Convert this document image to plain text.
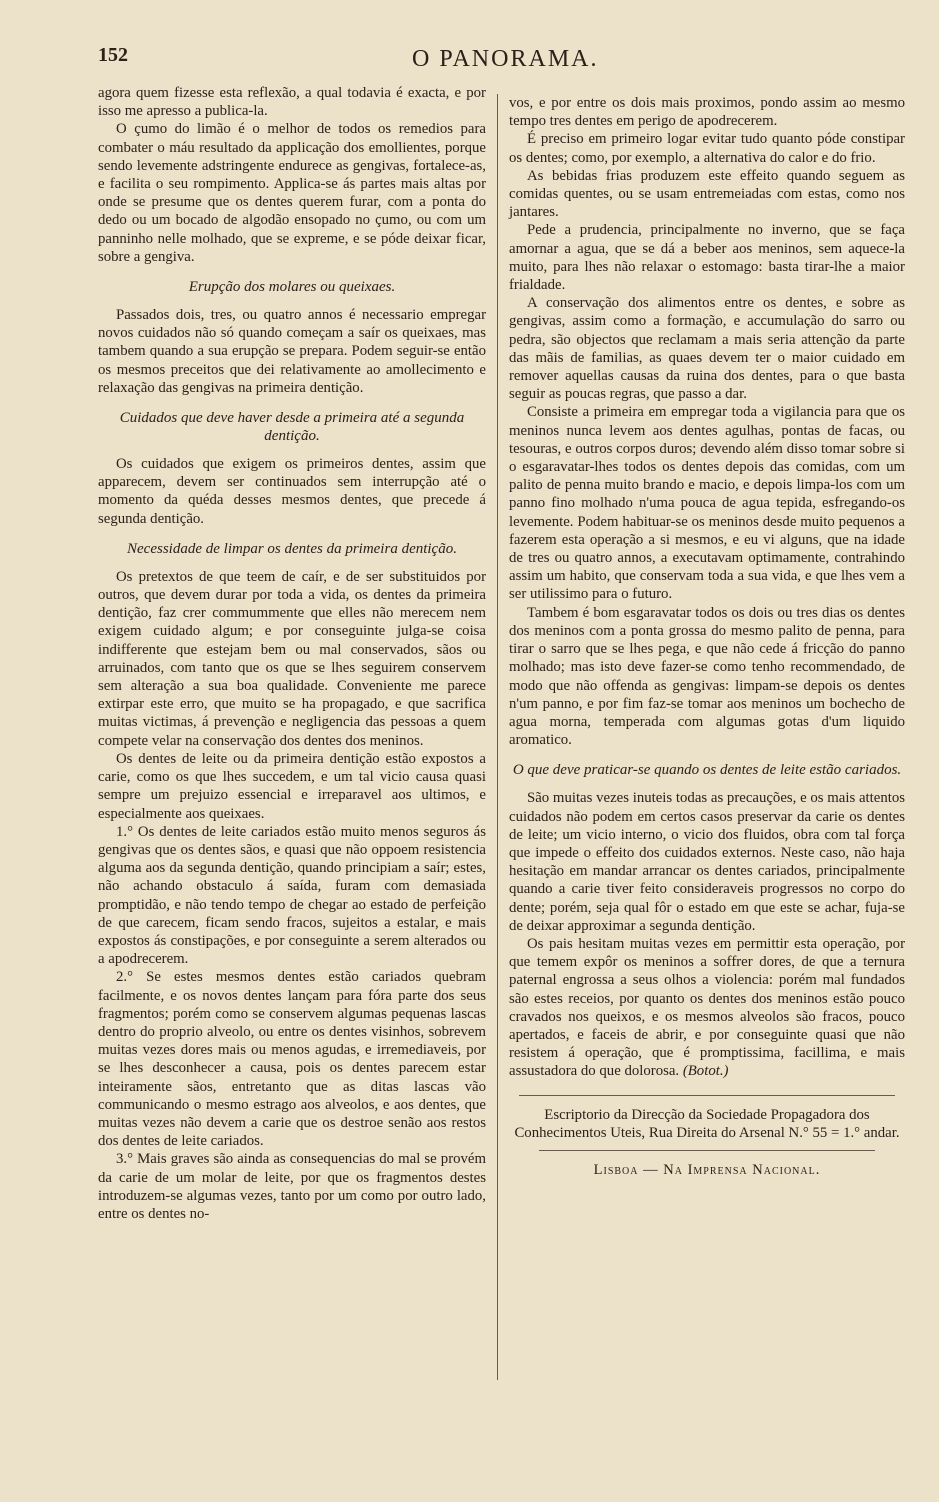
152	O PANORAMA.

agora quem fizesse esta reflexão, a qual todavia é exacta, e por isso me apresso a publica-la.

O çumo do limão é o melhor de todos os remedios para combater o máu resultado da applicação dos emollientes, porque sendo levemente adstringente endurece as gengivas, fortalece-as, e facilita o seu rompimento. Applica-se ás partes mais altas por onde se presume que os dentes querem furar, com a ponta do dedo ou um bocado de algodão ensopado no çumo, ou com um panninho nelle molhado, que se expreme, e se póde deixar ficar, sobre a gengiva.

Erupção dos molares ou queixaes.

Passados dois, tres, ou quatro annos é necessario empregar novos cuidados não só quando começam a saír os queixaes, mas tambem quando a sua erupção se prepara. Podem seguir-se então os mesmos preceitos que dei relativamente ao amollecimento e relaxação das gengivas na primeira dentição.

Cuidados que deve haver desde a primeira até a segunda dentição.

Os cuidados que exigem os primeiros dentes, assim que apparecem, devem ser continuados sem interrupção até o momento da quéda desses mesmos dentes, que precede á segunda dentição.

Necessidade de limpar os dentes da primeira dentição.

Os pretextos de que teem de caír, e de ser substituidos por outros, que devem durar por toda a vida, os dentes da primeira dentição, faz crer commummente que elles não merecem nem exigem cuidado algum; e por conseguinte julga-se coisa indifferente que estejam bem ou mal conservados, sãos ou arruinados, com tanto que os que se lhes seguirem conservem sem alteração a sua boa qualidade. Conveniente me parece extirpar este erro, que muito se ha propagado, e que sacrifica muitas victimas, á prevenção e negligencia das pessoas a quem compete velar na conservação dos dentes dos meninos.

Os dentes de leite ou da primeira dentição estão expostos a carie, como os que lhes succedem, e um tal vicio causa quasi sempre um prejuizo essencial e irreparavel aos ultimos, e especialmente aos queixaes.

1.° Os dentes de leite cariados estão muito menos seguros ás gengivas que os dentes sãos, e quasi que não oppoem resistencia alguma aos da segunda dentição, quando principiam a saír; estes, não achando obstaculo á saída, furam com demasiada promptidão, e não tendo tempo de chegar ao estado de perfeição de que carecem, ficam sendo fracos, sujeitos a estalar, e mais expostos ás constipações, e por conseguinte a serem alterados ou a apodrecerem.

2.° Se estes mesmos dentes estão cariados quebram facilmente, e os novos dentes lançam para fóra parte dos seus fragmentos; porém como se conservem algumas pequenas lascas dentro do proprio alveolo, ou entre os dentes visinhos, sobrevem muitas vezes dores mais ou menos agudas, e irremediaveis, por se lhes desconhecer a causa, pois os dentes parecem estar inteiramente sãos, entretanto que as ditas lascas vão communicando o mesmo estrago aos alveolos, e aos dentes, que muitas vezes não devem a carie que os destroe senão aos restos dos dentes de leite cariados.

3.° Mais graves são ainda as consequencias do mal se provém da carie de um molar de leite, por que os fragmentos destes introduzem-se algumas vezes, tanto por um como por outro lado, entre os dentes no-

vos, e por entre os dois mais proximos, pondo assim ao mesmo tempo tres dentes em perigo de apodrecerem.

É preciso em primeiro logar evitar tudo quanto póde constipar os dentes; como, por exemplo, a alternativa do calor e do frio.

As bebidas frias produzem este effeito quando seguem as comidas quentes, ou se usam entremeiadas com estas, como nos jantares.

Pede a prudencia, principalmente no inverno, que se faça amornar a agua, que se dá a beber aos meninos, sem aquece-la muito, para lhes não relaxar o estomago: basta tirar-lhe a maior frialdade.

A conservação dos alimentos entre os dentes, e sobre as gengivas, assim como a formação, e accumulação do sarro ou pedra, são objectos que reclamam a mais seria attenção da parte das mãis de familias, as quaes devem ter o maior cuidado em remover aquellas causas da ruina dos dentes, para o que basta seguir as poucas regras, que passo a dar.

Consiste a primeira em empregar toda a vigilancia para que os meninos nunca levem aos dentes agulhas, pontas de facas, ou tesouras, e outros corpos duros; devendo além disso tomar sobre si o esgaravatar-lhes todos os dentes depois das comidas, com um palito de penna muito brando e macio, e depois limpa-los com um panno fino molhado n'uma pouca de agua tepida, esfregando-os levemente. Podem habituar-se os meninos desde muito pequenos a fazerem esta operação a si mesmos, e eu vi alguns, que na idade de tres ou quatro annos, a executavam optimamente, contrahindo assim um habito, que conservam toda a sua vida, e que lhes vem a ser utilissimo para o futuro.

Tambem é bom esgaravatar todos os dois ou tres dias os dentes dos meninos com a ponta grossa do mesmo palito de penna, para tirar o sarro que se lhes pega, e que não cede á fricção do panno molhado; mas isto deve fazer-se como tenho recommendado, de modo que não offenda as gengivas: limpam-se depois os dentes n'um panno, e por fim faz-se tomar aos meninos um bochecho de agua morna, temperada com algumas gotas d'um liquido aromatico.

O que deve praticar-se quando os dentes de leite estão cariados.

São muitas vezes inuteis todas as precauções, e os mais attentos cuidados não podem em certos casos preservar da carie os dentes de leite; um vicio interno, o vicio dos fluidos, obra com tal força que impede o effeito dos cuidados externos. Neste caso, não haja hesitação em mandar arrancar os dentes cariados, principalmente quando a carie tiver feito consideraveis progressos no corpo do dente; porém, seja qual fôr o estado em que este se achar, fuja-se de deixar approximar a segunda dentição.

Os pais hesitam muitas vezes em permittir esta operação, por que temem expôr os meninos a soffrer dores, de que a ternura paternal engrossa a seus olhos a violencia: porém mal fundados são estes receios, por quanto os dentes dos meninos estão pouco cravados nos queixos, e os mesmos alveolos são fracos, pouco apertados, e faceis de abrir, e por conseguinte quasi que não resistem á operação, que é promptissima, facillima, e mais assustadora do que dolorosa. (Botot.)

Escriptorio da Direcção da Sociedade Propagadora dos Conhecimentos Uteis, Rua Direita do Arsenal N.° 55 = 1.° andar.
Lisboa — Na Imprensa Nacional.
